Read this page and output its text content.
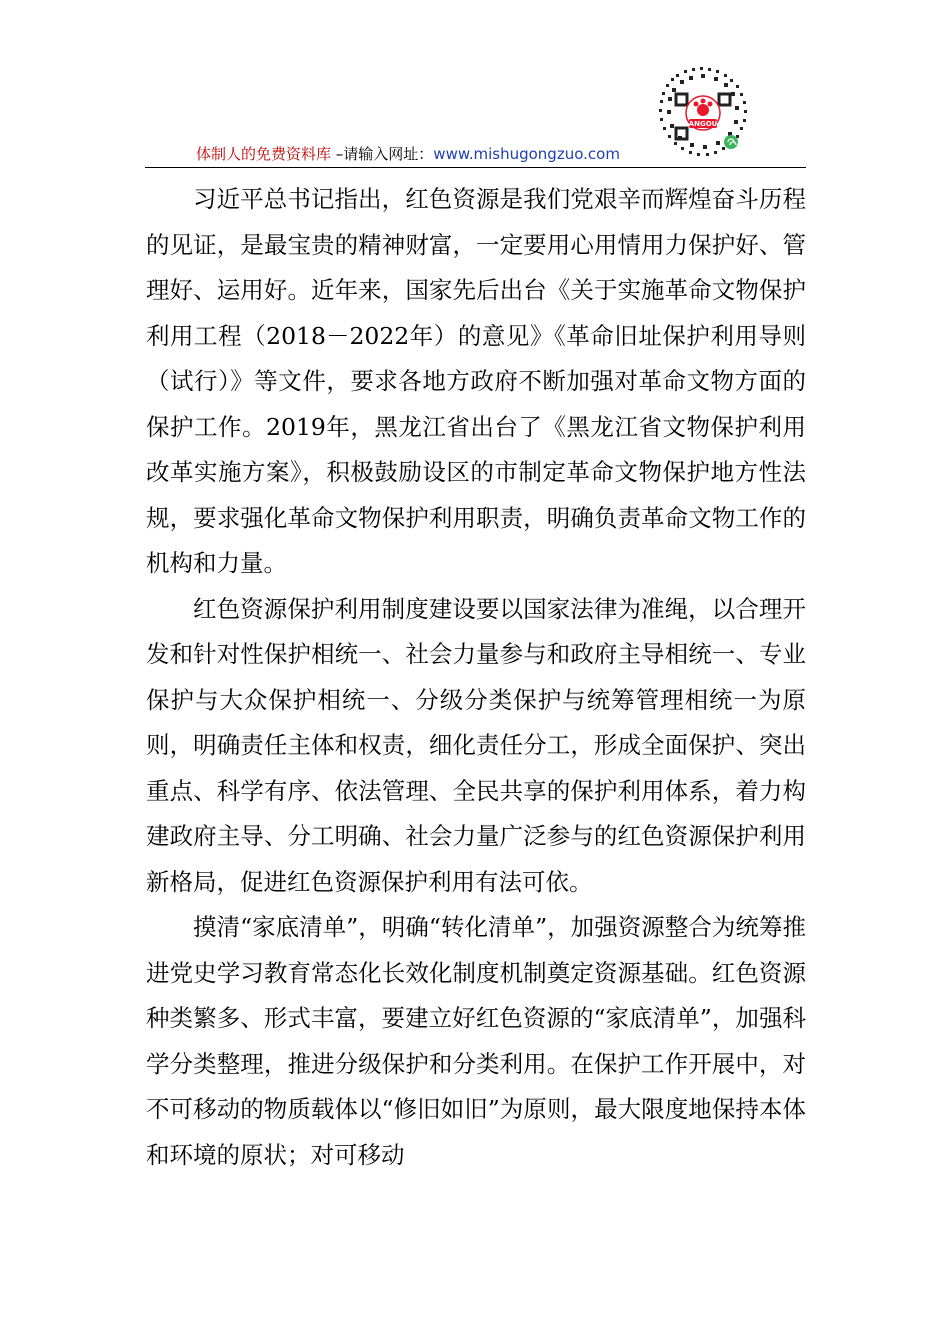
ANGOU
体制人的免费资料库 –请输入网址：www.mishugongzuo.com

习近平总书记指出，红色资源是我们党艰辛而辉煌奋斗历程的见证，是最宝贵的精神财富，一定要用心用情用力保护好、管理好、运用好。近年来，国家先后出台《关于实施革命文物保护利用工程（2018－2022年）的意见》《革命旧址保护利用导则（试行）》等文件，要求各地方政府不断加强对革命文物方面的保护工作。2019年，黑龙江省出台了《黑龙江省文物保护利用改革实施方案》，积极鼓励设区的市制定革命文物保护地方性法规，要求强化革命文物保护利用职责，明确负责革命文物工作的机构和力量。

红色资源保护利用制度建设要以国家法律为准绳，以合理开发和针对性保护相统一、社会力量参与和政府主导相统一、专业保护与大众保护相统一、分级分类保护与统筹管理相统一为原则，明确责任主体和权责，细化责任分工，形成全面保护、突出重点、科学有序、依法管理、全民共享的保护利用体系，着力构建政府主导、分工明确、社会力量广泛参与的红色资源保护利用新格局，促进红色资源保护利用有法可依。

摸清“家底清单”，明确“转化清单”，加强资源整合为统筹推进党史学习教育常态化长效化制度机制奠定资源基础。红色资源种类繁多、形式丰富，要建立好红色资源的“家底清单”，加强科学分类整理，推进分级保护和分类利用。在保护工作开展中，对不可移动的物质载体以“修旧如旧”为原则，最大限度地保持本体和环境的原状；对可移动
